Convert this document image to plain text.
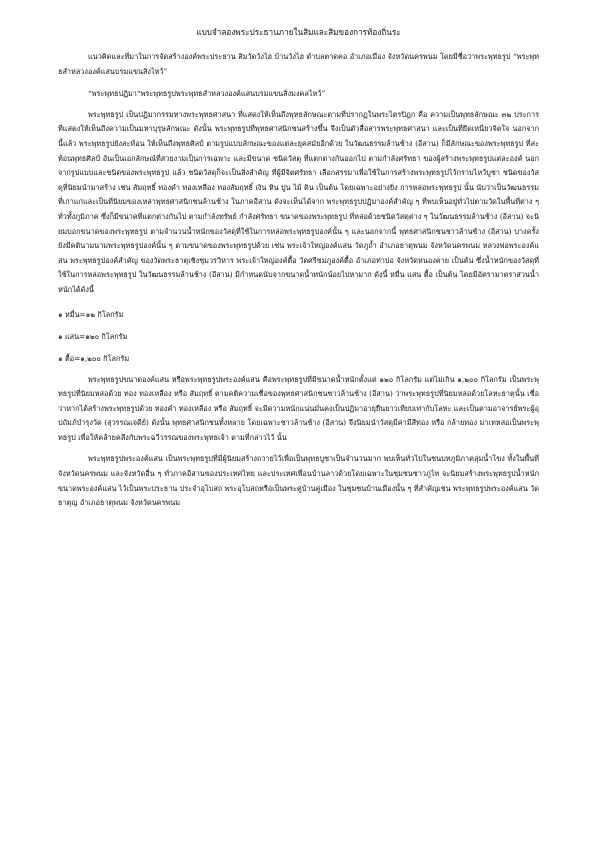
แบบจำลองพระประธานภายในสิมและสิมของการท้องถิ่นระ

แนวคิดและที่มาในการจัดสร้างองค์พระประธาน สิมวัดวังไฮ บ้านวังไฮ ตำบลตาดคอ อำเภอเมือง จังหวัดนครพนม โดยมีชื่อว่าพระพุทธรูป “พระพุทธสำหลวงองค์แสนบรมแขนสิ่งไหว้”

“พระพุทธปฏิมา“พระพุทธรูปพระพุทธสำหลวงองค์แสนบรมแขนสิ่งมงคลไหว้”

พระพุทธรูป เป็นปฏิมากรรมทางพระพุทธศาสนา ที่แสดงให้เห็นถึงพุทธลักษณะตามที่ปรากฏในพระไตรปิฎก คือ ความเป็นพุทธลักษณะ ๓๒ ประการ ที่แสดงให้เห็นถึงความเป็นมหาบุรุษลักษณะ ดังนั้น พระพุทธรูปที่พุทธศาสนิกชนสร้างขึ้น จึงเป็นตัวสื่อสารพระพุทธศาสนา และเป็นที่ยึดเหนี่ยวจิตใจ นอกจากนี้แล้ว พระพุทธรูปยังสะท้อน ให้เห็นถึงพุทธศิลป์ ตามรูปแบบลักษณะของแต่ละยุคสมัยอีกด้วย ในวัฒนธรรมล้านช้าง (อีสาน) ก็มีลักษณะของพระพุทธรูป ที่สะท้อนพุทธศิลป์ อันเป็นเอกลักษณ์ที่สวยงามเป็นการเฉพาะ และมีขนาด ชนิดวัสดุ ที่แตกต่างกันออกไป ตามกำลังศรัทธา ของผู้สร้างพระพุทธรูปแต่ละองค์ นอกจากรูปแบบและชนิดของพระพุทธรูป แล้ว ชนิดวัสดุก็จะเป็นสิ่งสำคัญ ที่ผู้มีจิตศรัทธา เลือกสรรมาเพื่อใช้ในการสร้างพระพุทธรูปไว้กราบไหว้บูชา ชนิดของวัสดุที่นิยมนำมาสร้าง เช่น สัมฤทธิ์ ทองคำ ทองเหลือง ทองสัมฤทธิ์ เงิน หิน ปูน ไม้ ดิน เป็นต้น โดยเฉพาะอย่างยิ่ง การหล่อพระพุทธรูป นั้น นับว่าเป็นวัฒนธรรมที่เก่าแก่และเป็นที่นิยมของเหล่าพุทธศาสนิกชนล้านช้าง ในภาคอีสาน ดังจะเห็นได้จาก พระพุทธรูปปฏิมาองค์สำคัญ ๆ ที่พบเห็นอยู่ทั่วไปตามวัดในพื้นที่ต่าง ๆ ทั่วทั้งภูมิภาค ซึ่งก็มีขนาดที่แตกต่างกันไป ตามกำลังทรัพย์ กำลังศรัทธา ขนาดของพระพุทธรูป ที่หล่อด้วยชนิดวัสดุต่าง ๆ ในวัฒนธรรมล้านช้าง (อีสาน) จะนิยมบอกขนาดของพระพุทธรูป ตามจำนวนน้ำหนักของวัสดุที่ใช้ในการหล่อพระพุทธรูปองค์นั้น ๆ และนอกจากนี้ พุทธศาสนิกชนชาวล้านช้าง (อีสาน) บางครั้ง ยังมีคตินามนามพระพุทธรูปองค์นั้น ๆ ตามขนาดของพระพุทธรูปด้วย เช่น พระเจ้าใหญ่องค์แสน วัดภูถ้ำ อำเภอธาตุพนม จังหวัดนครพนม หลวงพ่อพระองค์แสน พระพุทธรูปองค์สำคัญ ของวัดพระธาตุเชิงชุมวรวิหาร พระเจ้าใหญ่องค์ตื้อ วัดศรีชมภูองค์ตื้อ อำเภอท่าบ่อ จังหวัดหนองคาย เป็นต้น ซึ่งน้ำหนักของวัสดุที่ใช้ในการหล่อพระพุทธรูป ในวัฒนธรรมล้านช้าง (อีสาน) มีกำหนดนับจากขนาดน้ำหนักน้อยไปหามาก ดังนี้ หมื่น แสน ตื้อ เป็นต้น โดยมีอัตรามาตราส่วนน้ำหนักได้ดังนี้

๑ หมื่น=๑๒ กิโลกรัม

๑ แสน=๑๒๐ กิโลกรัม

๑ ตื้อ=๑,๒๐๐ กิโลกรัม

พระพุทธรูปขนาดองค์แสน หรือพระพุทธรูปพระองค์แสน คือพระพุทธรูปที่มีขนาดน้ำหนักตั้งแต่ ๑๒๐ กิโลกรัม แต่ไม่เกิน ๑,๒๐๐ กิโลกรัม เป็นพระพุทธรูปที่นิยมหล่อด้วย ทอง ทองเหลือง หรือ สัมฤทธิ์ ตามคติความเชื่อของพุทธศาสนิกชนชาวล้านช้าง (อีสาน) ว่าพระพุทธรูปที่นิยมหล่อด้วยโลหะธาตุนั้น เชื่อว่าหากได้สร้างพระพุทธรูปด้วย ทองคำ ทองเหลือง หรือ สัมฤทธิ์ จะมีความหนักแน่นมั่นคงเป็นปฏิมาอายุยืนยาวเทียบเท่ากับโลหะ และเป็นตามอาจารย์พระผู้อุปถัมภ์บำรุงวัด (สุวรรณเจดีย์) ดังนั้น พุทธศาสนิกชนทั้งหลาย โดยเฉพาะชาวล้านช้าง (อีสาน) จึงนิยมนำวัสดุมีค่ามีสีทอง หรือ กล้ายทอง มาเทหล่อเป็นพระพุทธรูป เพื่อให้คล้ายคลึงกับพระฉวีวรรณของพระพุทธเจ้า ตามที่กล่าวไว้ นั้น

พระพุทธรูปพระองค์แสน เป็นพระพุทธรูปที่มีผู้นิยมสร้างถวายไว้เพื่อเป็นพุทธบูชาเป็นจำนวนมาก พบเห็นทั่วไปในชนบทภูมิภาคลุ่มน้ำโขง ทั้งในพื้นที่จังหวัดนครพนม และจังหวัดอื่น ๆ ทั่วภาคอีสานของประเทศไทย และประเทศเพื่อนบ้านลาวด้วยโดยเฉพาะในชุมชนชาวภูไท จะนิยมสร้างพระพุทธรูปน้ำหนักขนาดพระองค์แสน ไว้เป็นพระประธาน ประจำอุโบสถ พระอุโบสถหรือเป็นพระคู่บ้านคู่เมือง ในชุมชนบ้านเมืองนั้น ๆ ที่สำคัญเช่น พระพุทธรูปพระองค์แสน วัดธาตุญ อำเภอธาตุพนม จังหวัดนครพนม
